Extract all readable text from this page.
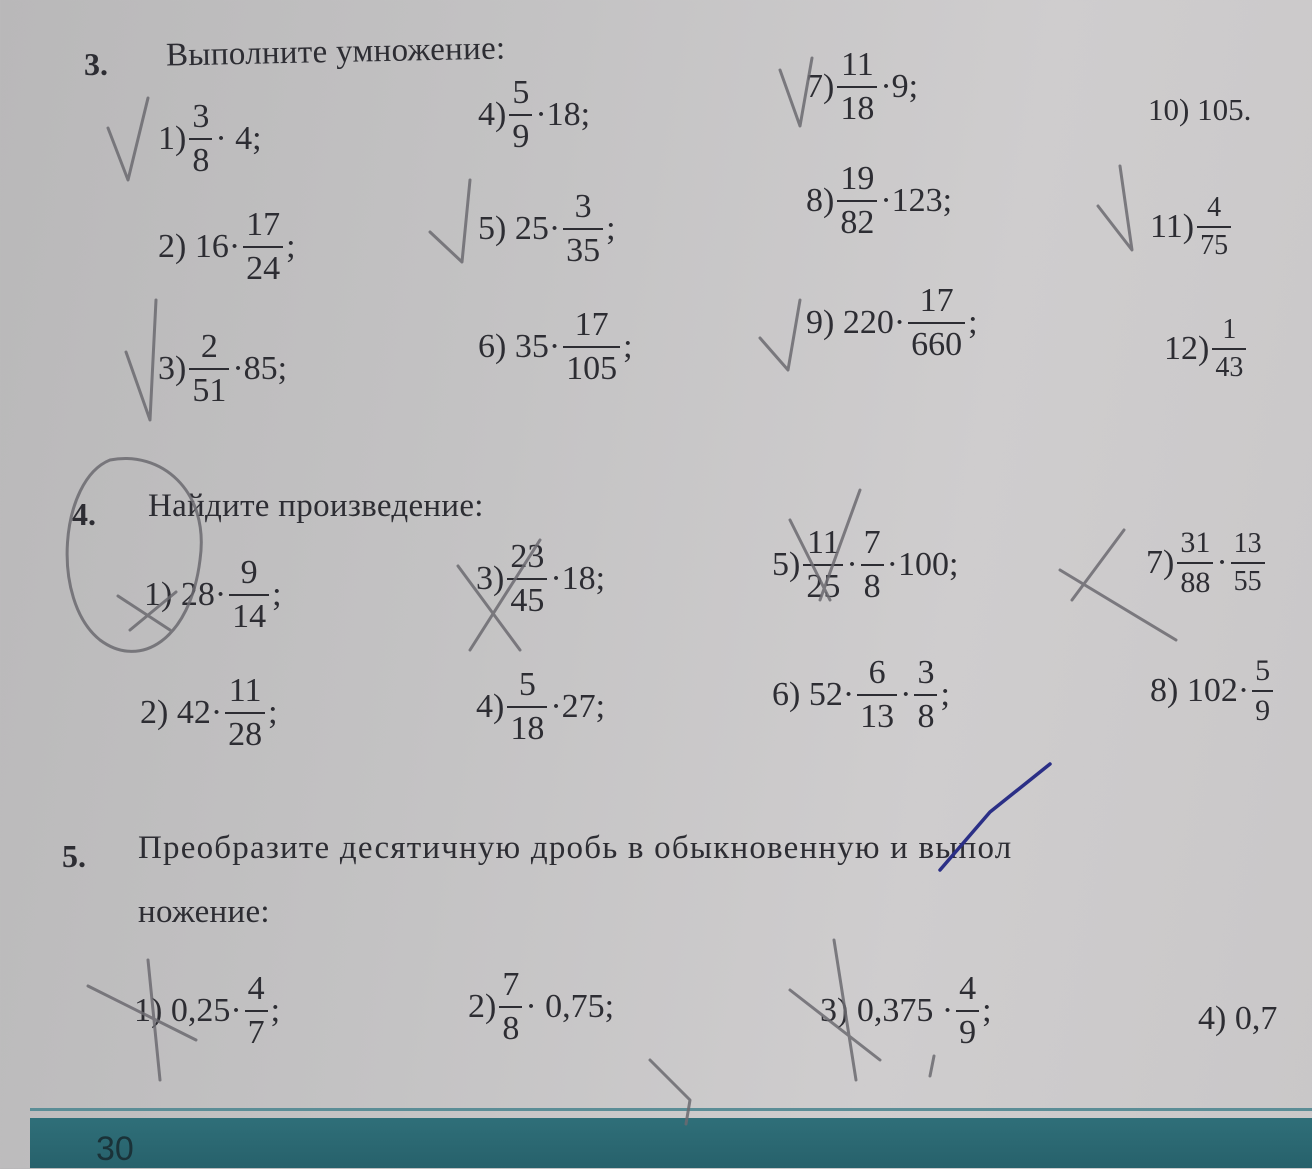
3. Выполните умножение:
$1) \frac{3}{8} \cdot 4$;
2) $16\cdot \frac{17}{24}$ ;
$3) \frac{2}{51} \cdot 85$;
$4) \frac{5}{9} \cdot 18$;
5) $25\cdot \frac{3}{35}$ ;
6) $35\cdot \frac{17}{105}$ ;
$7) \frac{11}{18} \cdot 9$;
$8) \frac{19}{82} \cdot 123$;
9) $220\cdot \frac{17}{660}$ ;
10) 105 .
$11) \frac{4}{75}$
$12) \frac{1}{43}$
4. Найдите произведение:
1) $28\cdot \frac{9}{14}$ ;
2) $42\cdot \frac{11}{28}$ ;
$3) \frac{23}{45} \cdot 18$;
$4) \frac{5}{18} \cdot 27$;
$5) \frac{11}{25} \cdot \frac{7}{8} \cdot 100$;
6) $52\cdot \frac{6}{13} \cdot \frac{3}{8}$ ;
$7) \frac{31}{88} \cdot \frac{13}{55}$
8) $102\cdot \frac{5}{9}$
5. Преобразите десятичную дробь в обыкновенную и выпол
ножение:
1) $0,25\cdot \frac{4}{7}$ ;	$2) \frac{7}{8} \cdot 0,75$;	3) $0,375 \cdot \frac{4}{9}$ ;	4) 0,7
30
